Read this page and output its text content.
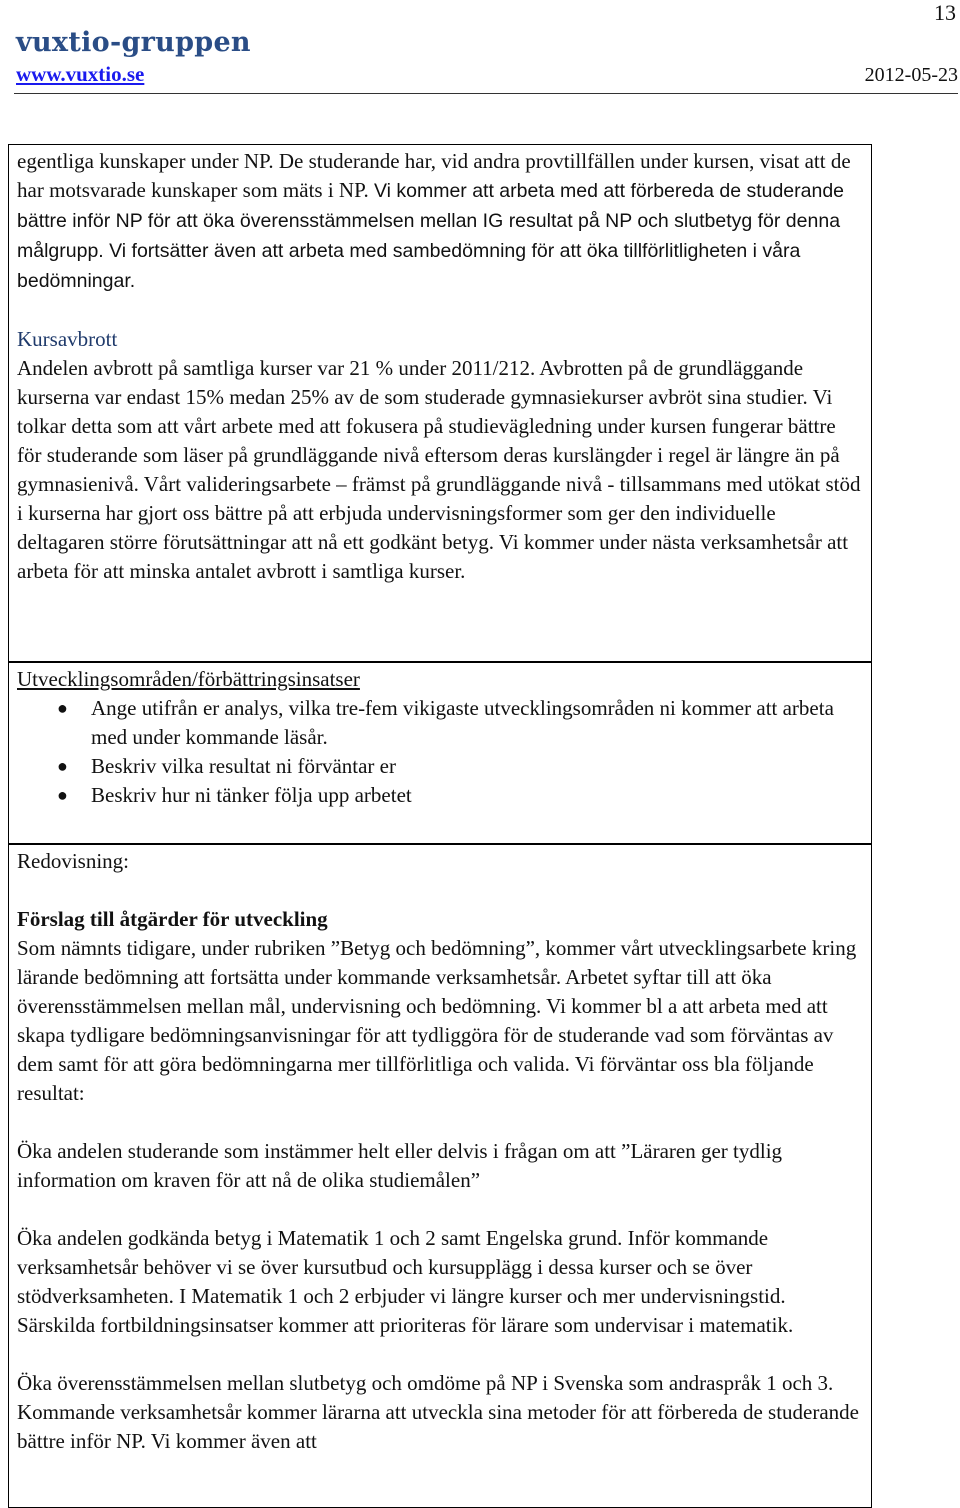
13
vuxtio-gruppen
www.vuxtio.se	2012-05-23

egentliga kunskaper under NP. De studerande har, vid andra provtillfällen under kursen, visat att de har motsvarade kunskaper som mäts i NP. Vi kommer att arbeta med att förbereda de studerande bättre inför NP för att öka överensstämmelsen mellan IG resultat på NP och slutbetyg för denna målgrupp. Vi fortsätter även att arbeta med sambedömning för att öka tillförlitligheten i våra bedömningar.

Kursavbrott

Andelen avbrott på samtliga kurser var 21 % under 2011/212. Avbrotten på de grundläggande kurserna var endast 15% medan 25% av de som studerade gymnasiekurser avbröt sina studier. Vi tolkar detta som att vårt arbete med att fokusera på studievägledning under kursen fungerar bättre för studerande som läser på grundläggande nivå eftersom deras kurslängder i regel är längre än på gymnasienivå. Vårt valideringsarbete – främst på grundläggande nivå - tillsammans med utökat stöd i kurserna har gjort oss bättre på att erbjuda undervisningsformer som ger den individuelle deltagaren större förutsättningar att nå ett godkänt betyg. Vi kommer under nästa verksamhetsår att arbeta för att minska antalet avbrott i samtliga kurser.

Utvecklingsområden/förbättringsinsatser

● Ange utifrån er analys, vilka tre-fem vikigaste utvecklingsområden ni kommer att arbeta med under kommande läsår.
● Beskriv vilka resultat ni förväntar er
● Beskriv hur ni tänker följa upp arbetet

Redovisning:

Förslag till åtgärder för utveckling

Som nämnts tidigare, under rubriken ”Betyg och bedömning”, kommer vårt utvecklingsarbete kring lärande bedömning att fortsätta under kommande verksamhetsår. Arbetet syftar till att öka överensstämmelsen mellan mål, undervisning och bedömning. Vi kommer bl a att arbeta med att skapa tydligare bedömningsanvisningar för att tydliggöra för de studerande vad som förväntas av dem samt för att göra bedömningarna mer tillförlitliga och valida. Vi förväntar oss bla följande resultat:

Öka andelen studerande som instämmer helt eller delvis i frågan om att ”Läraren ger tydlig information om kraven för att nå de olika studiemålen”

Öka andelen godkända betyg i Matematik 1 och 2 samt Engelska grund. Inför kommande verksamhetsår behöver vi se över kursutbud och kursupplägg i dessa kurser och se över stödverksamheten. I Matematik 1 och 2 erbjuder vi längre kurser och mer undervisningstid. Särskilda fortbildningsinsatser kommer att prioriteras för lärare som undervisar i matematik.

Öka överensstämmelsen mellan slutbetyg och omdöme på NP i Svenska som andraspråk 1 och 3. Kommande verksamhetsår kommer lärarna att utveckla sina metoder för att förbereda de studerande bättre inför NP. Vi kommer även att
